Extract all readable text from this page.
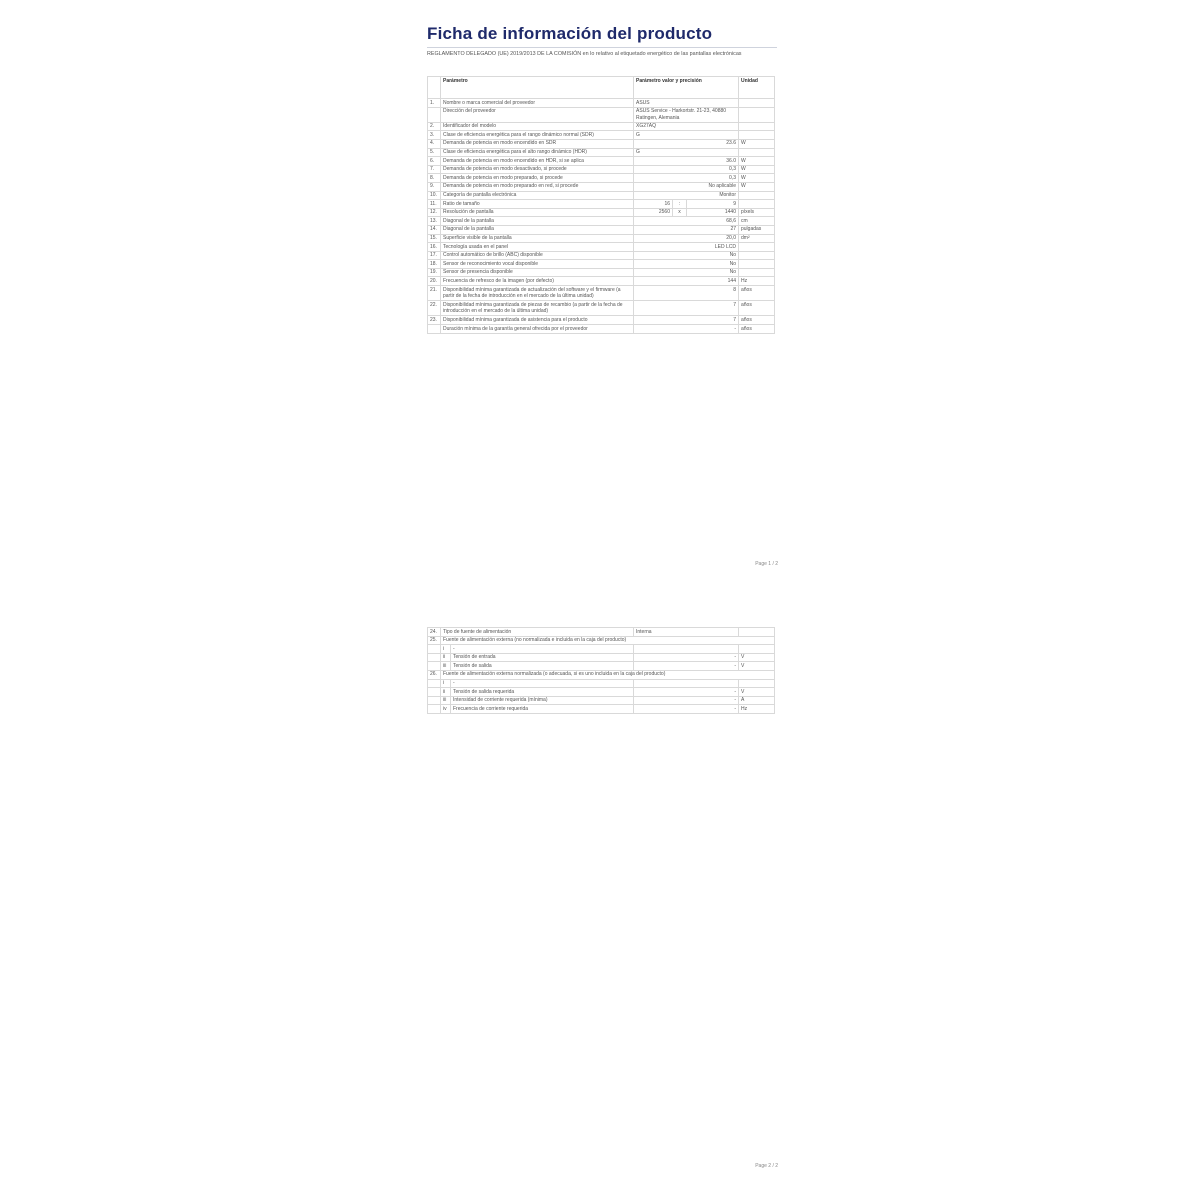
Ficha de información del producto
REGLAMENTO DELEGADO (UE) 2019/2013 DE LA COMISIÓN en lo relativo al etiquetado energético de las pantallas electrónicas
	Parámetro	Parámetro valor y precisión			Unidad
1.	Nombre o marca comercial del proveedor	ASUS			
	Dirección del proveedor	ASUS Service - Harkortstr. 21-23, 40880 Ratingen, Alemania			
2.	Identificador del modelo	XG27AQ			
3.	Clase de eficiencia energética para el rango dinámico normal (SDR)	G			
4.	Demanda de potencia en modo encendido en SDR	23.6			W
5.	Clase de eficiencia energética para el alto rango dinámico (HDR)	G			
6.	Demanda de potencia en modo encendido en HDR, si se aplica	36.0			W
7.	Demanda de potencia en modo desactivado, si procede	0,3			W
8.	Demanda de potencia en modo preparado, si procede	0,3			W
9.	Demanda de potencia en modo preparado en red, si procede	No aplicable			W
10.	Categoría de pantalla electrónica	Monitor			
11.	Ratio de tamaño	16	:	9	
12.	Resolución de pantalla	2560	x	1440	píxels
13.	Diagonal de la pantalla	68,6			cm
14.	Diagonal de la pantalla	27			pulgadas
15.	Superficie visible de la pantalla	20,0			dm²
16.	Tecnología usada en el panel	LED LCD			
17.	Control automático de brillo (ABC) disponible	No			
18.	Sensor de reconocimiento vocal disponible	No			
19.	Sensor de presencia disponible	No			
20.	Frecuencia de refresco de la imagen (por defecto)	144			Hz
21.	Disponibilidad mínima garantizada de actualización del software y el firmware (a partir de la fecha de introducción en el mercado de la última unidad)	8			años
22.	Disponibilidad mínima garantizada de piezas de recambio (a partir de la fecha de introducción en el mercado de la última unidad)	7			años
23.	Disponibilidad mínima garantizada de asistencia para el producto	7			años
	Duración mínima de la garantía general ofrecida por el proveedor	-			años
Page 1 / 2
24.	Tipo de fuente de alimentación		Interna	
25.	Fuente de alimentación externa (no normalizada e incluida en la caja del producto)			
	i	-		
	ii	Tensión de entrada	-	V
	iii	Tensión de salida	-	V
26.	Fuente de alimentación externa normalizada (o adecuada, si es uno incluida en la caja del producto)			
	i	-		
	ii	Tensión de salida requerida	-	V
	iii	Intensidad de corriente requerida (mínima)	-	A
	iv	Frecuencia de corriente requerida	-	Hz
Page 2 / 2
